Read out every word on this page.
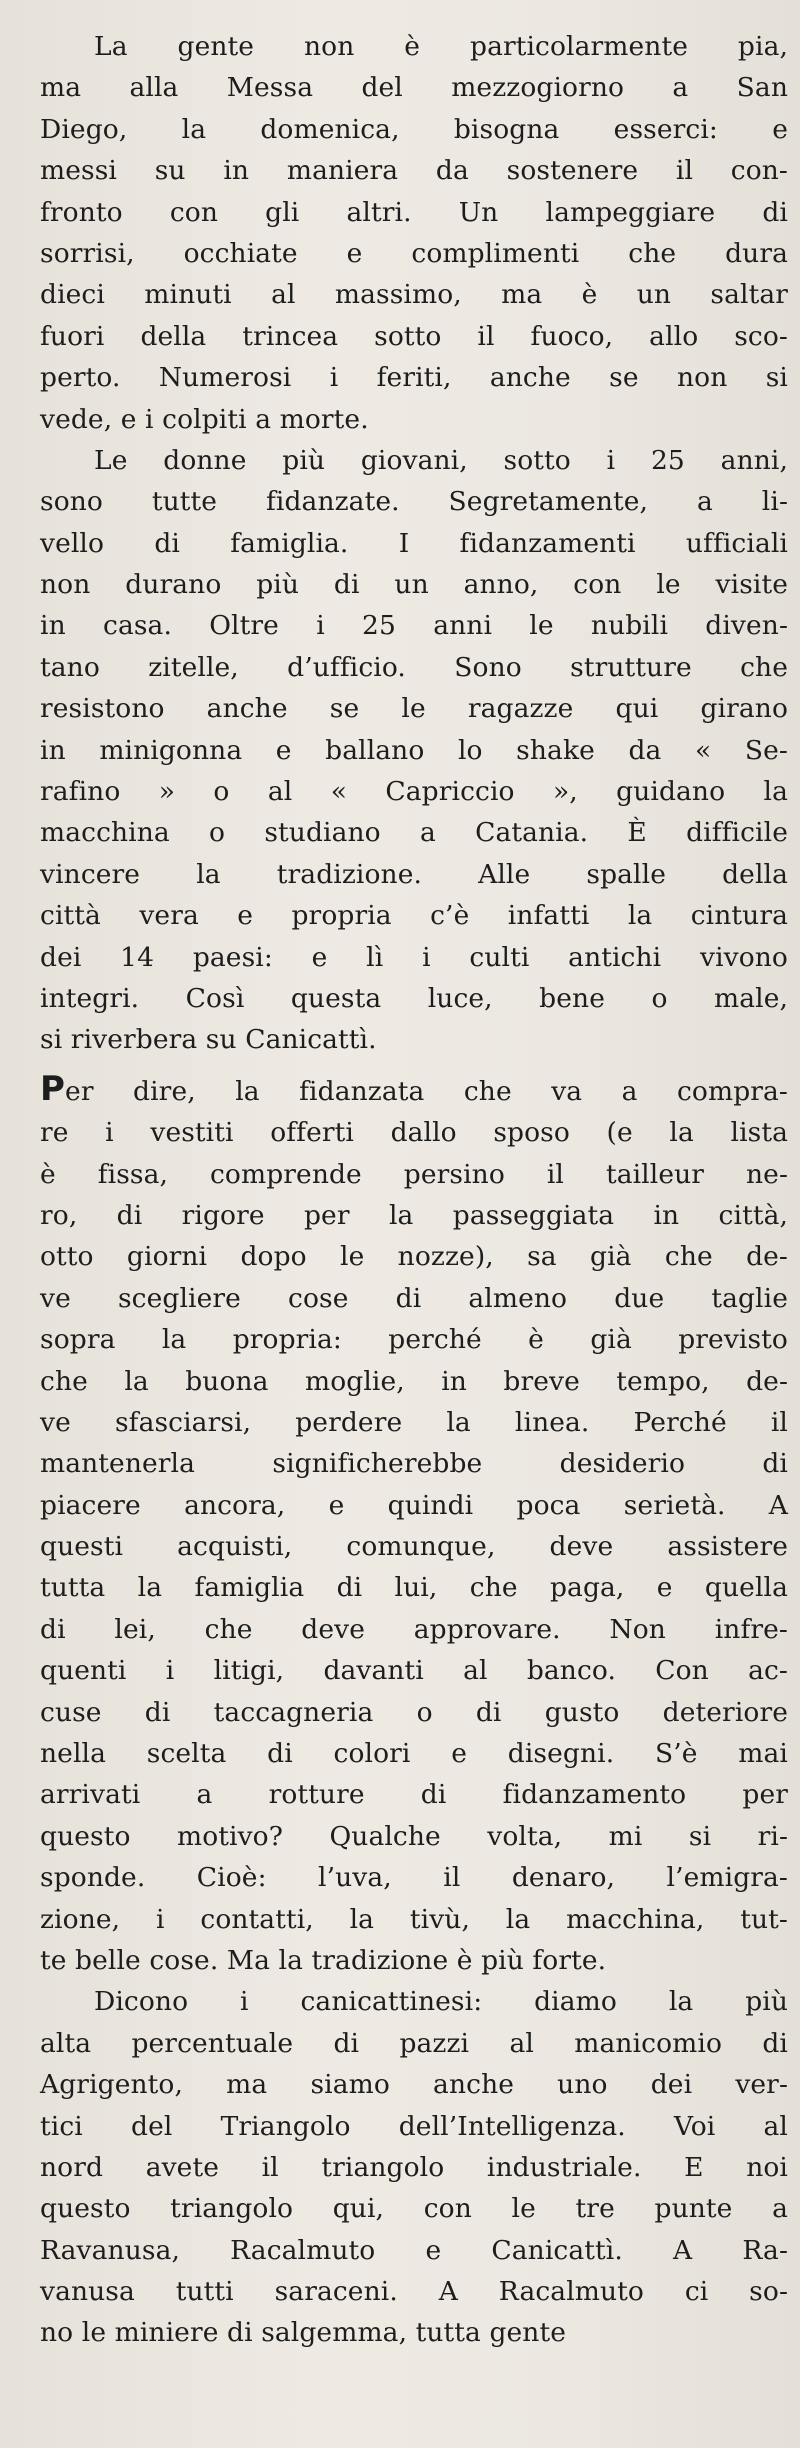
La gente non è particolarmente pia,
ma alla Messa del mezzogiorno a San
Diego, la domenica, bisogna esserci: e
messi su in maniera da sostenere il con-
fronto con gli altri. Un lampeggiare di
sorrisi, occhiate e complimenti che dura
dieci minuti al massimo, ma è un saltar
fuori della trincea sotto il fuoco, allo sco-
perto. Numerosi i feriti, anche se non si
vede, e i colpiti a morte.
Le donne più giovani, sotto i 25 anni,
sono tutte fidanzate. Segretamente, a li-
vello di famiglia. I fidanzamenti ufficiali
non durano più di un anno, con le visite
in casa. Oltre i 25 anni le nubili diven-
tano zitelle, d’ufficio. Sono strutture che
resistono anche se le ragazze qui girano
in minigonna e ballano lo shake da « Se-
rafino » o al « Capriccio », guidano la
macchina o studiano a Catania. È difficile
vincere la tradizione. Alle spalle della
città vera e propria c’è infatti la cintura
dei 14 paesi: e lì i culti antichi vivono
integri. Così questa luce, bene o male,
si riverbera su Canicattì.
Per dire, la fidanzata che va a compra-
re i vestiti offerti dallo sposo (e la lista
è fissa, comprende persino il tailleur ne-
ro, di rigore per la passeggiata in città,
otto giorni dopo le nozze), sa già che de-
ve scegliere cose di almeno due taglie
sopra la propria: perché è già previsto
che la buona moglie, in breve tempo, de-
ve sfasciarsi, perdere la linea. Perché il
mantenerla significherebbe desiderio di
piacere ancora, e quindi poca serietà. A
questi acquisti, comunque, deve assistere
tutta la famiglia di lui, che paga, e quella
di lei, che deve approvare. Non infre-
quenti i litigi, davanti al banco. Con ac-
cuse di taccagneria o di gusto deteriore
nella scelta di colori e disegni. S’è mai
arrivati a rotture di fidanzamento per
questo motivo? Qualche volta, mi si ri-
sponde. Cioè: l’uva, il denaro, l’emigra-
zione, i contatti, la tivù, la macchina, tut-
te belle cose. Ma la tradizione è più forte.
Dicono i canicattinesi: diamo la più
alta percentuale di pazzi al manicomio di
Agrigento, ma siamo anche uno dei ver-
tici del Triangolo dell’Intelligenza. Voi al
nord avete il triangolo industriale. E noi
questo triangolo qui, con le tre punte a
Ravanusa, Racalmuto e Canicattì. A Ra-
vanusa tutti saraceni. A Racalmuto ci so-
no le miniere di salgemma, tutta gente
